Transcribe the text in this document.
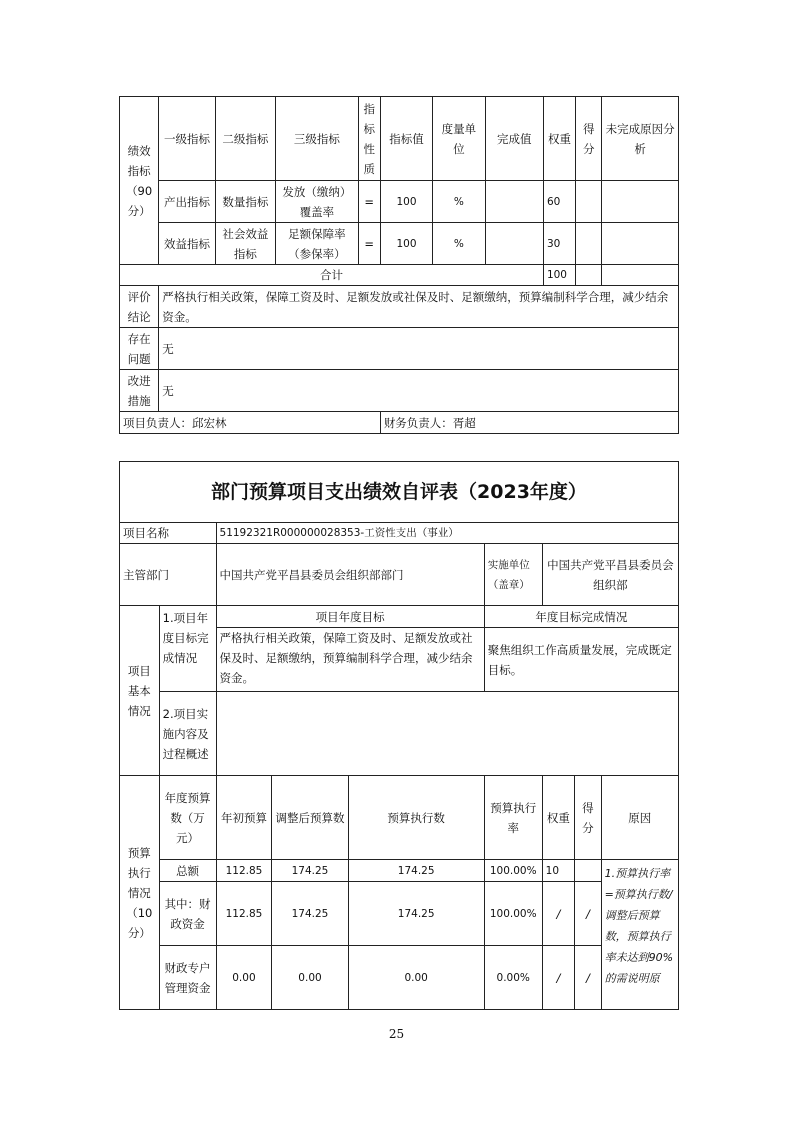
绩效指标（90分）	一级指标	二级指标	三级指标	指标性质	指标值	度量单位	完成值	权重	得分	未完成原因分析
	产出指标	数量指标	发放（缴纳）覆盖率	=	100	%		60		
	效益指标	社会效益指标	足额保障率（参保率）	=	100	%		30		
合计								100		
评价结论	严格执行相关政策，保障工资及时、足额发放或社保及时、足额缴纳，预算编制科学合理，减少结余资金。									
存在问题	无									
改进措施	无									
项目负责人：邱宏林					财务负责人：胥超					
部门预算项目支出绩效自评表（2023年度）								
项目名称		51192321R000000028353-工资性支出（事业）						
主管部门		中国共产党平昌县委员会组织部部门			实施单位（盖章）	中国共产党平昌县委员会组织部		
项目基本情况	1.项目年度目标完成情况	项目年度目标			年度目标完成情况			
		严格执行相关政策，保障工资及时、足额发放或社保及时、足额缴纳，预算编制科学合理，减少结余资金。			聚焦组织工作高质量发展，完成既定目标。			
	2.项目实施内容及过程概述							
预算执行情况（10分）	年度预算数（万元）	年初预算	调整后预算数	预算执行数	预算执行率	权重	得分	原因
	总额	112.85	174.25	174.25	100.00%	10		1.预算执行率=预算执行数/调整后预算数，预算执行率未达到90%的需说明原
	其中：财政资金	112.85	174.25	174.25	100.00%	/	/	
	财政专户管理资金	0.00	0.00	0.00	0.00%	/	/	
25
